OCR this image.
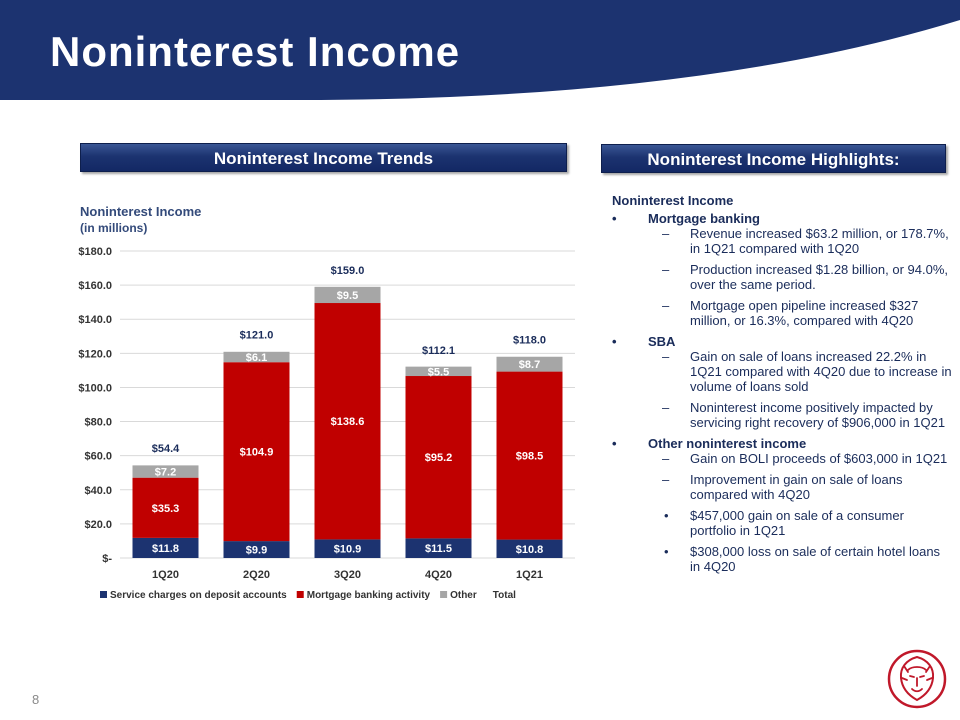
Noninterest Income
Noninterest Income Trends	Noninterest Income Highlights:
Noninterest Income
(in millions)
$-
$20.0
$40.0
$60.0
$80.0
$100.0
$120.0
$140.0
$160.0
$180.0
$11.8
$35.3
$7.2
$54.4
1Q20
$9.9
$104.9
$6.1
$121.0
2Q20
$10.9
$138.6
$9.5
$159.0
3Q20
$11.5
$95.2
$5.5
$112.1
4Q20
$10.8
$98.5
$8.7
$118.0
1Q21
Service charges on deposit accounts Mortgage banking activity Other Total
Noninterest Income
• Mortgage banking
– Revenue increased $63.2 million, or 178.7%, in 1Q21 compared with 1Q20
– Production increased $1.28 billion, or 94.0%, over the same period.
– Mortgage open pipeline increased $327 million, or 16.3%, compared with 4Q20
• SBA
– Gain on sale of loans increased 22.2% in 1Q21 compared with 4Q20 due to increase in volume of loans sold
– Noninterest income positively impacted by servicing right recovery of $906,000 in 1Q21
• Other noninterest income
– Gain on BOLI proceeds of $603,000 in 1Q21
– Improvement in gain on sale of loans compared with 4Q20
• $457,000 gain on sale of a consumer portfolio in 1Q21
• $308,000 loss on sale of certain hotel loans in 4Q20
8
